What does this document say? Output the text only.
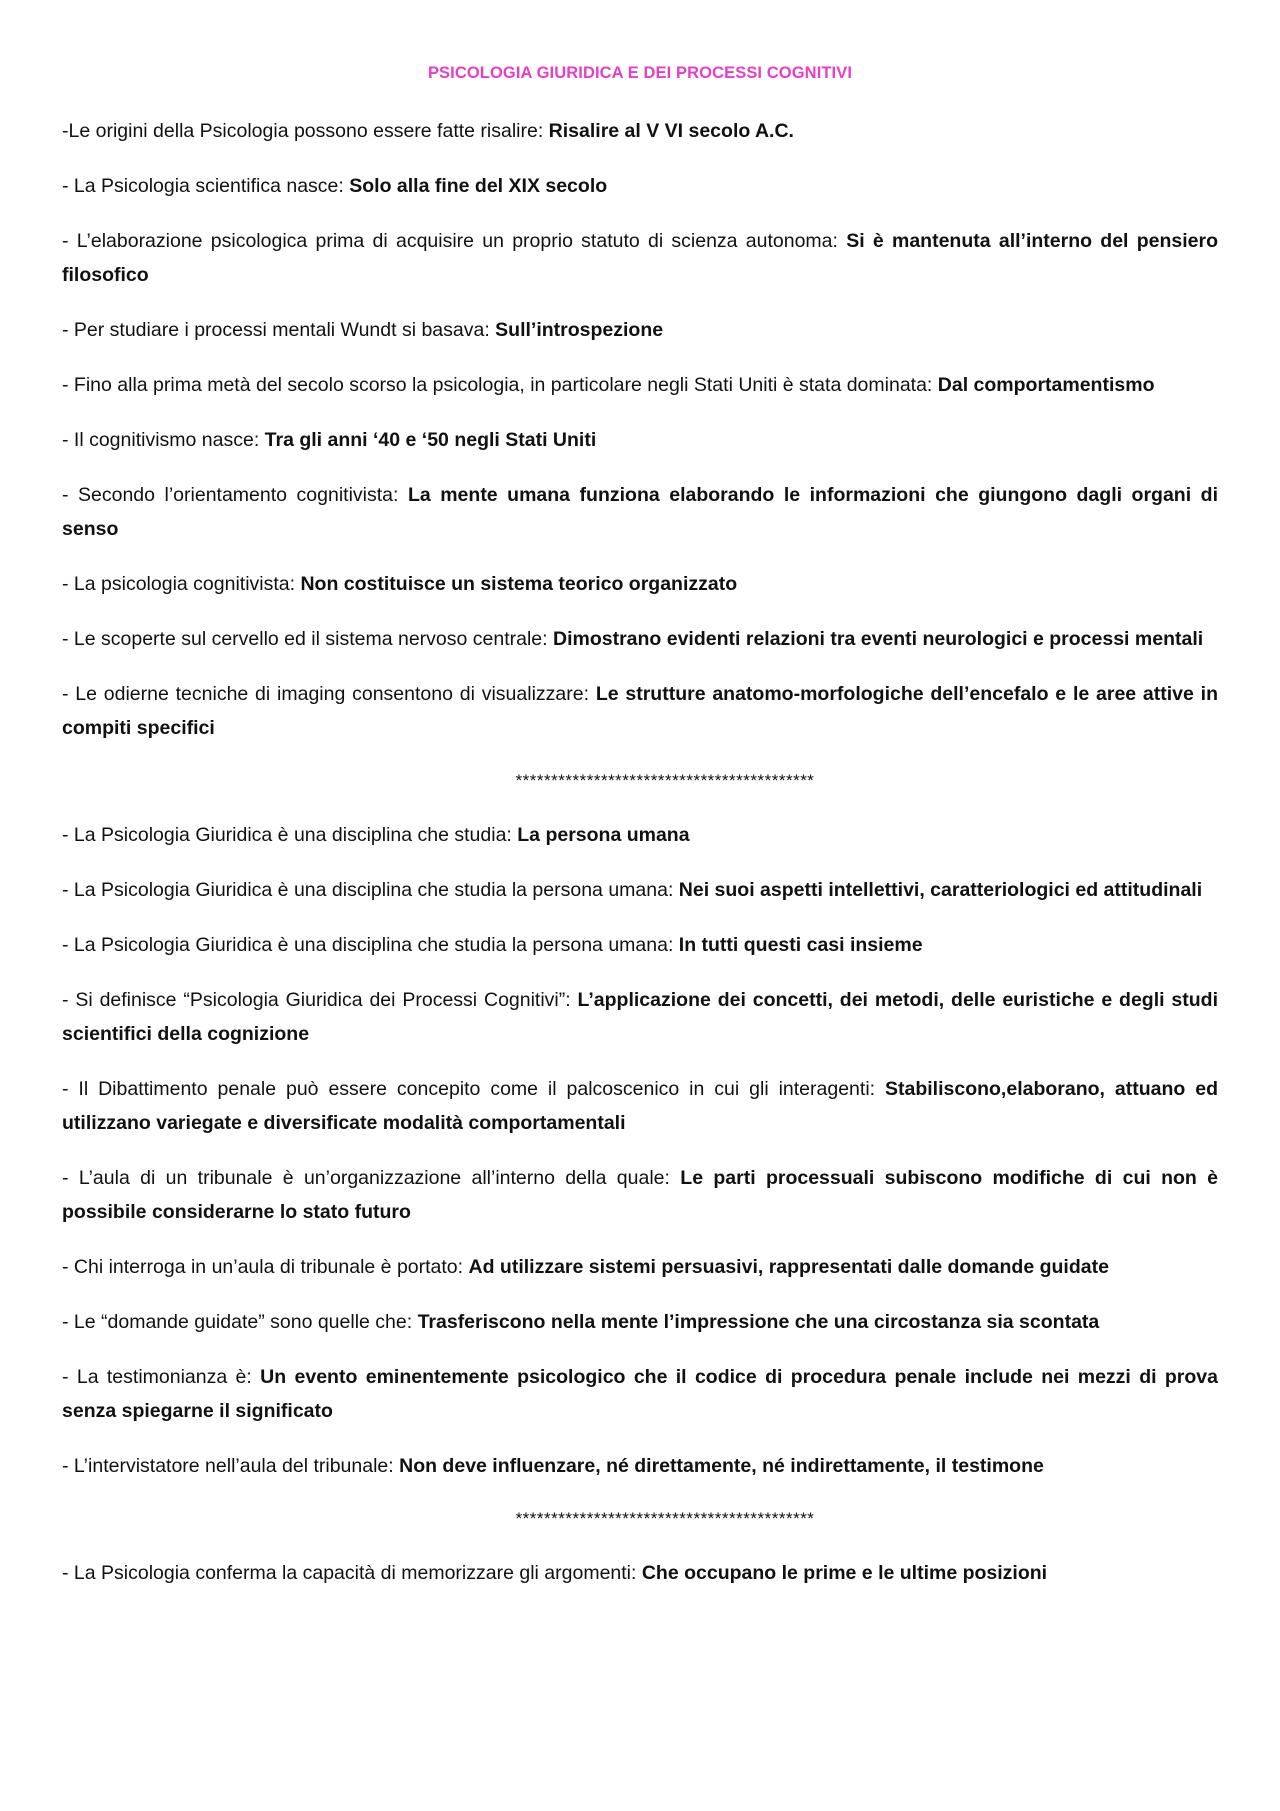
PSICOLOGIA GIURIDICA E DEI PROCESSI COGNITIVI

-Le origini della Psicologia possono essere fatte risalire: Risalire al V VI secolo A.C.

- La Psicologia scientifica nasce: Solo alla fine del XIX secolo

- L’elaborazione psicologica prima di acquisire un proprio statuto di scienza autonoma: Si è mantenuta all’interno del pensiero filosofico

- Per studiare i processi mentali Wundt si basava: Sull’introspezione

- Fino alla prima metà del secolo scorso la psicologia, in particolare negli Stati Uniti è stata dominata: Dal comportamentismo

- Il cognitivismo nasce: Tra gli anni ‘40 e ‘50 negli Stati Uniti

- Secondo l’orientamento cognitivista: La mente umana funziona elaborando le informazioni che giungono dagli organi di senso

- La psicologia cognitivista: Non costituisce un sistema teorico organizzato

- Le scoperte sul cervello ed il sistema nervoso centrale: Dimostrano evidenti relazioni tra eventi neurologici e processi mentali

- Le odierne tecniche di imaging consentono di visualizzare: Le strutture anatomo-morfologiche dell’encefalo e le aree attive in compiti specifici

******************************************

- La Psicologia Giuridica è una disciplina che studia: La persona umana

- La Psicologia Giuridica è una disciplina che studia la persona umana: Nei suoi aspetti intellettivi, caratteriologici ed attitudinali

- La Psicologia Giuridica è una disciplina che studia la persona umana: In tutti questi casi insieme

- Si definisce “Psicologia Giuridica dei Processi Cognitivi”: L’applicazione dei concetti, dei metodi, delle euristiche e degli studi scientifici della cognizione

- Il Dibattimento penale può essere concepito come il palcoscenico in cui gli interagenti: Stabiliscono,elaborano, attuano ed utilizzano variegate e diversificate modalità comportamentali

- L’aula di un tribunale è un’organizzazione all’interno della quale: Le parti processuali subiscono modifiche di cui non è possibile considerarne lo stato futuro

- Chi interroga in un’aula di tribunale è portato: Ad utilizzare sistemi persuasivi, rappresentati dalle domande guidate

- Le “domande guidate” sono quelle che: Trasferiscono nella mente l’impressione che una circostanza sia scontata

- La testimonianza è: Un evento eminentemente psicologico che il codice di procedura penale include nei mezzi di prova senza spiegarne il significato

- L’intervistatore nell’aula del tribunale: Non deve influenzare, né direttamente, né indirettamente, il testimone

******************************************

- La Psicologia conferma la capacità di memorizzare gli argomenti: Che occupano le prime e le ultime posizioni
